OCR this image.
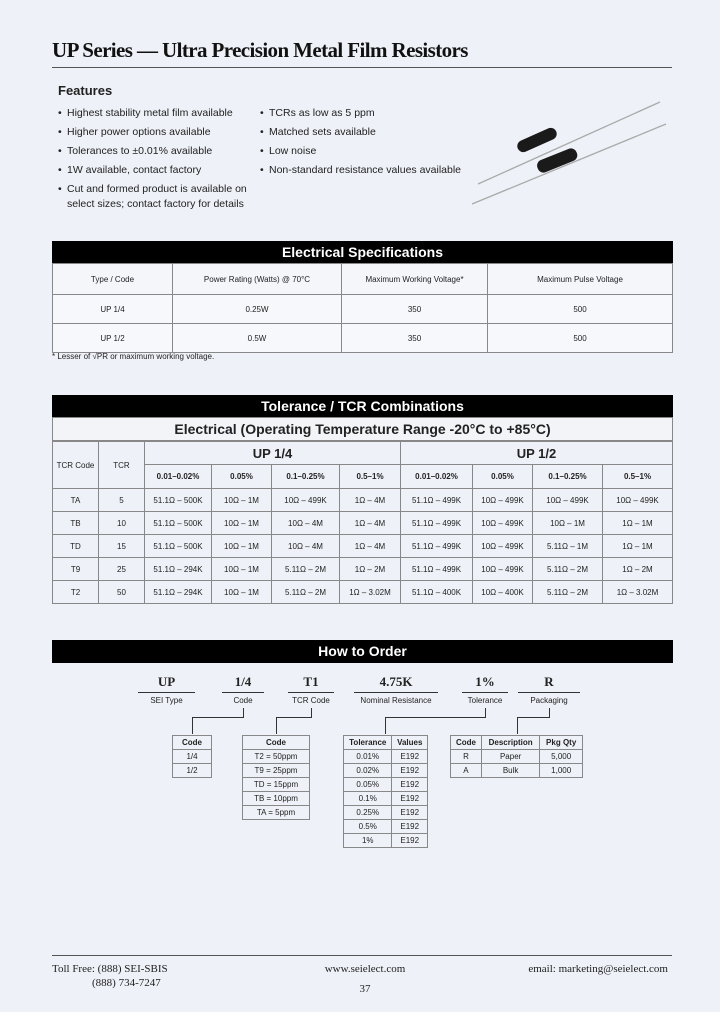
UP Series — Ultra Precision Metal Film Resistors
Features
• Highest stability metal film available
• Higher power options available
• Tolerances to ±0.01% available
• 1W available, contact factory
• Cut and formed product is available on select sizes; contact factory for details
• TCRs as low as 5 ppm
• Matched sets available
• Low noise
• Non-standard resistance values available
Electrical Specifications
Type / Code	Power Rating (Watts) @ 70°C	Maximum Working Voltage*	Maximum Pulse Voltage
UP 1/4	0.25W	350	500
UP 1/2	0.5W	350	500
* Lesser of √PR or maximum working voltage.
Tolerance / TCR Combinations
Electrical (Operating Temperature Range -20°C to +85°C)
TCR Code	TCR	UP 1/4				UP 1/2			
		0.01–0.02%	0.05%	0.1–0.25%	0.5–1%	0.01–0.02%	0.05%	0.1–0.25%	0.5–1%
TA	5	51.1Ω – 500K	10Ω – 1M	10Ω – 499K	1Ω – 4M	51.1Ω – 499K	10Ω – 499K	10Ω – 499K	10Ω – 499K
TB	10	51.1Ω – 500K	10Ω – 1M	10Ω – 4M	1Ω – 4M	51.1Ω – 499K	10Ω – 499K	10Ω – 1M	1Ω – 1M
TD	15	51.1Ω – 500K	10Ω – 1M	10Ω – 4M	1Ω – 4M	51.1Ω – 499K	10Ω – 499K	5.11Ω – 1M	1Ω – 1M
T9	25	51.1Ω – 294K	10Ω – 1M	5.11Ω – 2M	1Ω – 2M	51.1Ω – 499K	10Ω – 499K	5.11Ω – 2M	1Ω – 2M
T2	50	51.1Ω – 294K	10Ω – 1M	5.11Ω – 2M	1Ω – 3.02M	51.1Ω – 400K	10Ω – 400K	5.11Ω – 2M	1Ω – 3.02M
How to Order
UP
SEI Type
1/4
Code
T1
TCR Code
4.75K
Nominal Resistance
1%
Tolerance
R
Packaging
Code
1/4
1/2
Code
T2 = 50ppm
T9 = 25ppm
TD = 15ppm
TB = 10ppm
TA = 5ppm
Tolerance	Values
0.01%	E192
0.02%	E192
0.05%	E192
0.1%	E192
0.25%	E192
0.5%	E192
1%	E192
Code	Description	Pkg Qty
R	Paper	5,000
A	Bulk	1,000
Toll Free: (888) SEI-SBIS
(888) 734-7247
www.seielect.com
37
email: marketing@seielect.com
